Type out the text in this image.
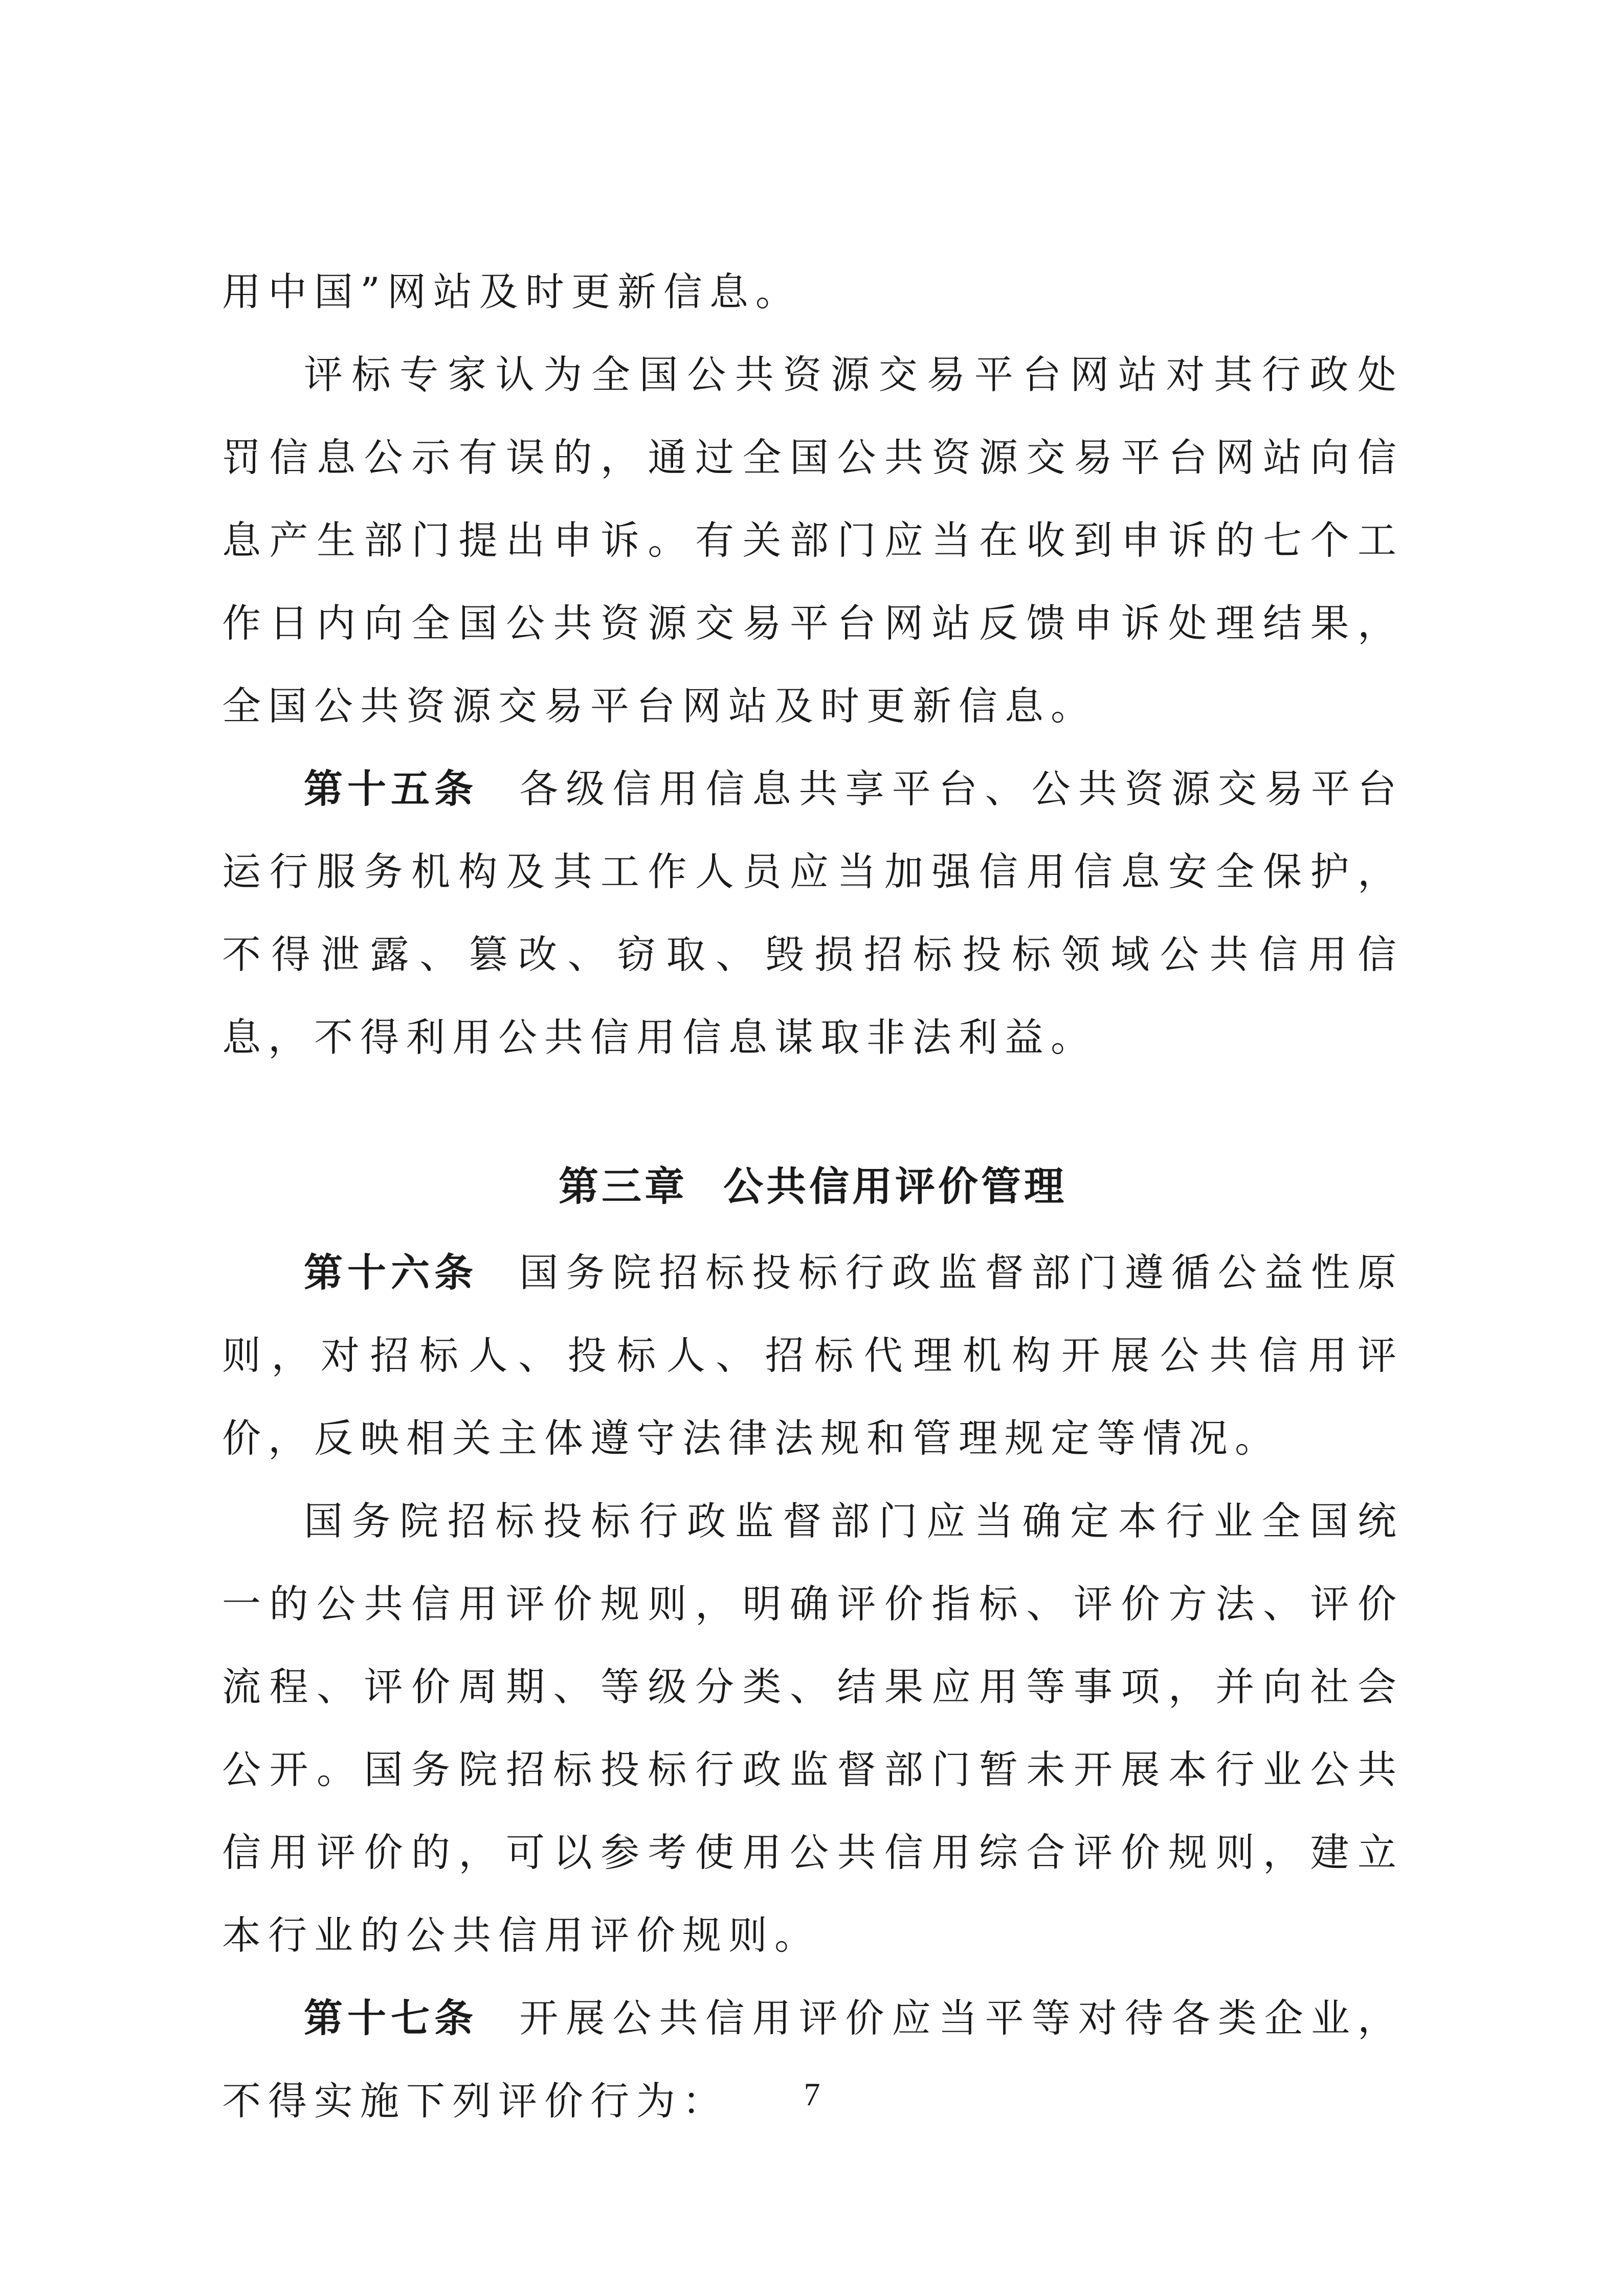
用中国”网站及时更新信息。

评标专家认为全国公共资源交易平台网站对其行政处罚信息公示有误的，通过全国公共资源交易平台网站向信息产生部门提出申诉。有关部门应当在收到申诉的七个工作日内向全国公共资源交易平台网站反馈申诉处理结果，全国公共资源交易平台网站及时更新信息。

第十五条 各级信用信息共享平台、公共资源交易平台运行服务机构及其工作人员应当加强信用信息安全保护，不得泄露、篡改、窃取、毁损招标投标领域公共信用信息，不得利用公共信用信息谋取非法利益。

第三章 公共信用评价管理

第十六条 国务院招标投标行政监督部门遵循公益性原则，对招标人、投标人、招标代理机构开展公共信用评价，反映相关主体遵守法律法规和管理规定等情况。

国务院招标投标行政监督部门应当确定本行业全国统一的公共信用评价规则，明确评价指标、评价方法、评价流程、评价周期、等级分类、结果应用等事项，并向社会公开。国务院招标投标行政监督部门暂未开展本行业公共信用评价的，可以参考使用公共信用综合评价规则，建立本行业的公共信用评价规则。

第十七条 开展公共信用评价应当平等对待各类企业，不得实施下列评价行为：	7
